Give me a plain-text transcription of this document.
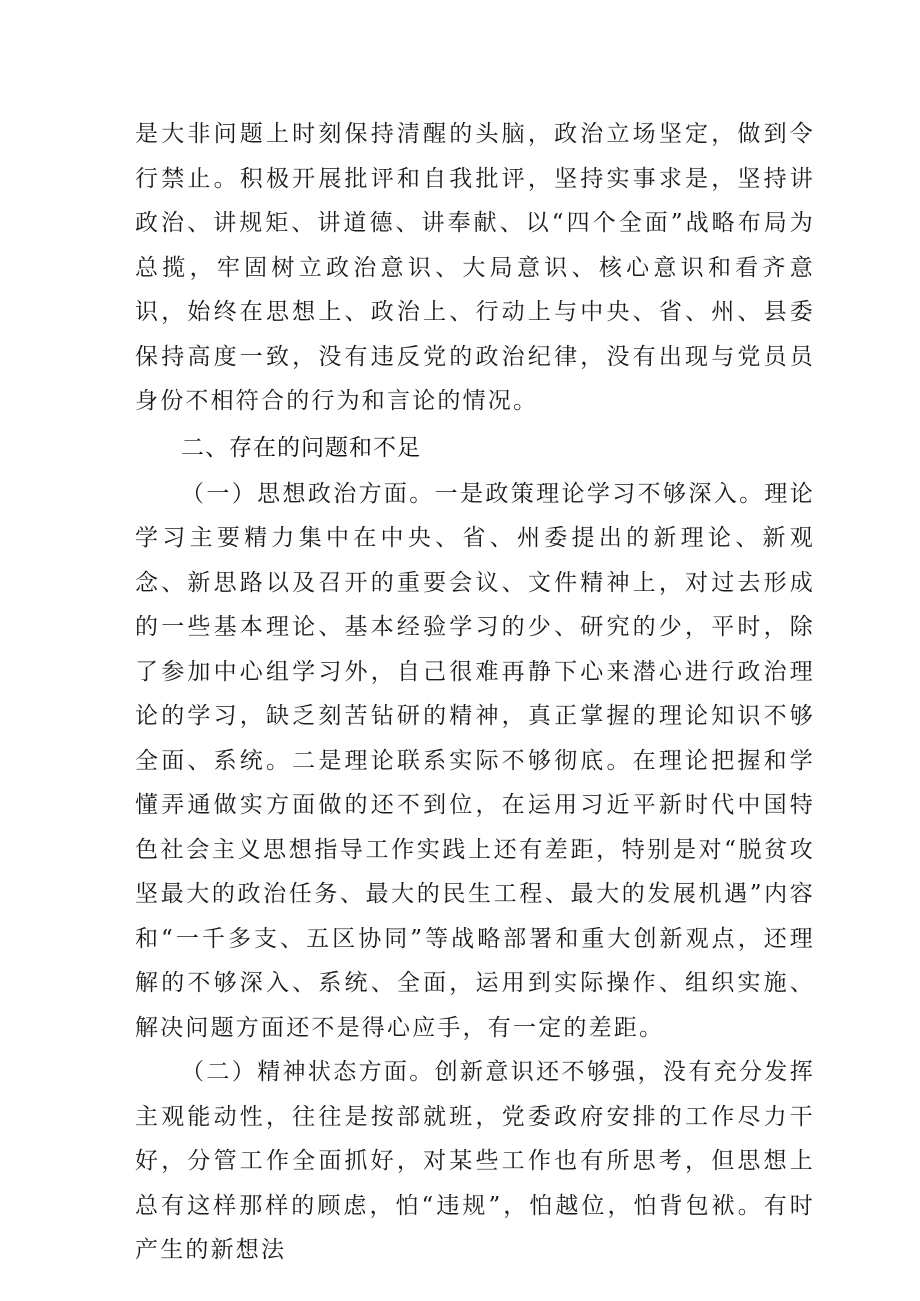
是大非问题上时刻保持清醒的头脑，政治立场坚定，做到令行禁止。积极开展批评和自我批评，坚持实事求是，坚持讲政治、讲规矩、讲道德、讲奉献、以“四个全面”战略布局为总揽，牢固树立政治意识、大局意识、核心意识和看齐意识，始终在思想上、政治上、行动上与中央、省、州、县委保持高度一致，没有违反党的政治纪律，没有出现与党员员身份不相符合的行为和言论的情况。

二、存在的问题和不足

（一）思想政治方面。一是政策理论学习不够深入。理论学习主要精力集中在中央、省、州委提出的新理论、新观念、新思路以及召开的重要会议、文件精神上，对过去形成的一些基本理论、基本经验学习的少、研究的少，平时，除了参加中心组学习外，自己很难再静下心来潜心进行政治理论的学习，缺乏刻苦钻研的精神，真正掌握的理论知识不够全面、系统。二是理论联系实际不够彻底。在理论把握和学懂弄通做实方面做的还不到位，在运用习近平新时代中国特色社会主义思想指导工作实践上还有差距，特别是对“脱贫攻坚最大的政治任务、最大的民生工程、最大的发展机遇”内容和“一千多支、五区协同”等战略部署和重大创新观点，还理解的不够深入、系统、全面，运用到实际操作、组织实施、解决问题方面还不是得心应手，有一定的差距。

（二）精神状态方面。创新意识还不够强，没有充分发挥主观能动性，往往是按部就班，党委政府安排的工作尽力干好，分管工作全面抓好，对某些工作也有所思考，但思想上总有这样那样的顾虑，怕“违规”，怕越位，怕背包袱。有时产生的新想法
